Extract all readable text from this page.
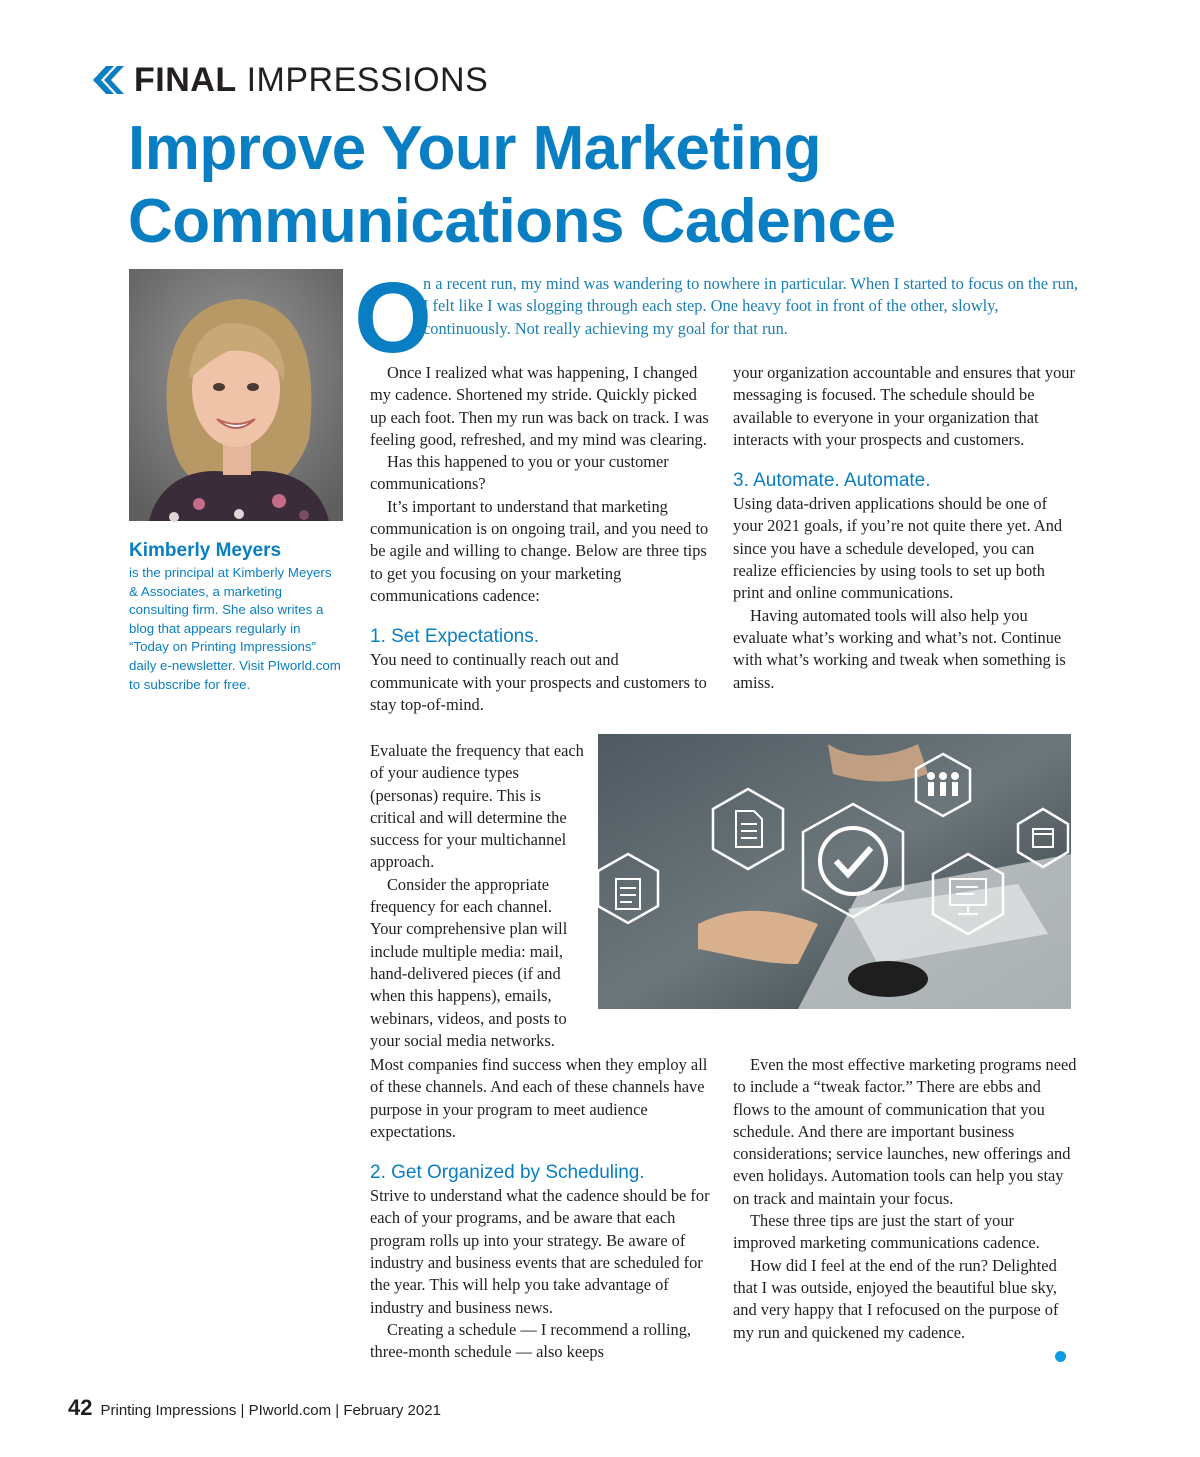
FINAL IMPRESSIONS
Improve Your Marketing
Communications Cadence
Kimberly Meyers
is the principal at Kimberly Meyers & Associates, a marketing consulting firm. She also writes a blog that appears regularly in “Today on Printing Impressions” daily e-newsletter. Visit PIworld.com to subscribe for free.
O
n a recent run, my mind was wandering to nowhere in particular. When I started to focus on the run, I felt like I was slogging through each step. One heavy foot in front of the other, slowly, continuously. Not really achieving my goal for that run.

Once I realized what was happening, I changed my cadence. Shortened my stride. Quickly picked up each foot. Then my run was back on track. I was feeling good, refreshed, and my mind was clearing.

Has this happened to you or your customer communications?

It’s important to understand that marketing communication is on ongoing trail, and you need to be agile and willing to change. Below are three tips to get you focusing on your marketing communications cadence:

1. Set Expectations.

You need to continually reach out and communicate with your prospects and customers to stay top-of-mind.

Evaluate the frequency that each of your audience types (personas) require. This is critical and will determine the success for your multichannel approach.

Consider the appropriate frequency for each channel. Your comprehensive plan will include multiple media: mail, hand-delivered pieces (if and when this happens), emails, webinars, videos, and posts to your social media networks.

Most companies find success when they employ all of these channels. And each of these channels have purpose in your program to meet audience expectations.

2. Get Organized by Scheduling.

Strive to understand what the cadence should be for each of your programs, and be aware that each program rolls up into your strategy. Be aware of industry and business events that are scheduled for the year. This will help you take advantage of industry and business news.

Creating a schedule — I recommend a rolling, three-month schedule — also keeps

your organization accountable and ensures that your messaging is focused. The schedule should be available to everyone in your organization that interacts with your prospects and customers.

3. Automate. Automate.

Using data-driven applications should be one of your 2021 goals, if you’re not quite there yet. And since you have a schedule developed, you can realize efficiencies by using tools to set up both print and online communications.

Having automated tools will also help you evaluate what’s working and what’s not. Continue with what’s working and tweak when something is amiss.

Even the most effective marketing programs need to include a “tweak factor.” There are ebbs and flows to the amount of communication that you schedule. And there are important business considerations; service launches, new offerings and even holidays. Automation tools can help you stay on track and maintain your focus.

These three tips are just the start of your improved marketing communications cadence.

How did I feel at the end of the run? Delighted that I was outside, enjoyed the beautiful blue sky, and very happy that I refocused on the purpose of my run and quickened my cadence.

42 Printing Impressions | PIworld.com | February 2021
